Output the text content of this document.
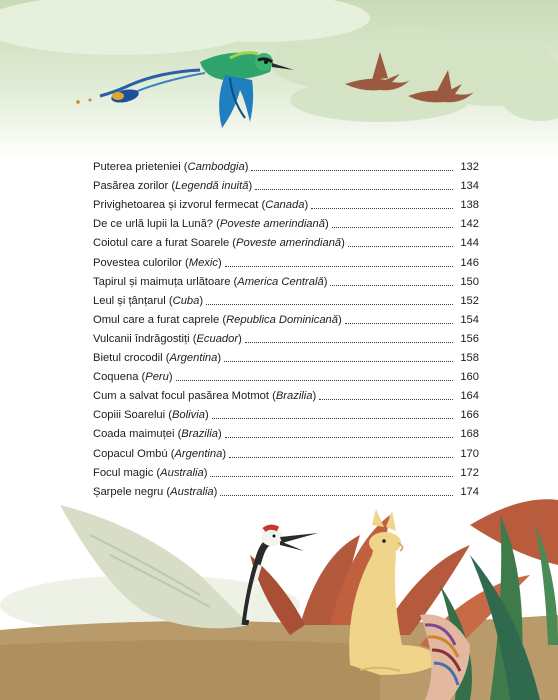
Puterea prieteniei (Cambodgia)	132
Pasărea zorilor (Legendă inuită)	134
Privighetoarea și izvorul fermecat (Canada)	138
De ce urlă lupii la Lună? (Poveste amerindiană)	142
Coiotul care a furat Soarele (Poveste amerindiană)	144
Povestea culorilor (Mexic)	146
Tapirul și maimuța urlătoare (America Centrală)	150
Leul și țânțarul (Cuba)	152
Omul care a furat caprele (Republica Dominicană)	154
Vulcanii îndrăgostiți (Ecuador)	156
Bietul crocodil (Argentina)	158
Coquena (Peru)	160
Cum a salvat focul pasărea Motmot (Brazilia)	164
Copiii Soarelui (Bolivia)	166
Coada maimuței (Brazilia)	168
Copacul Ombú (Argentina)	170
Focul magic (Australia)	172
Șarpele negru (Australia)	174
